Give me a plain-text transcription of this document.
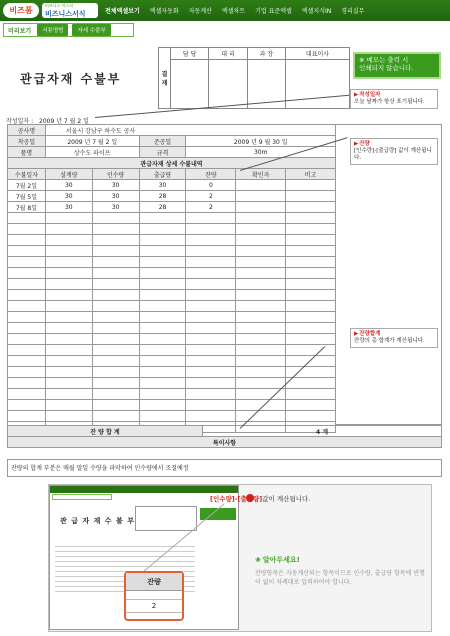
비즈폼
비즈니스 마스터
비즈니스서식	전체엑셀보기	엑셀자동화	자동계산	엑셀차트	기업 표준엑셀	엑셀지식IN	경리실무
미리보기	서류명범	자세 수붙부
관급자재 수불부	결재	담 당	대 리	과 장	대표이사

※ 메모는 출력 시
인쇄되지 않습니다.
작성일자 : 2009 년 7 월 2 일
공사명	서울시 강남구 하수도 공사					
착공일	2009 년 7 월 2 일		준공일	2009 년 9 월 30 일		
품명	상수도 파이프		규격	30m		
관급자재 상세 수불내역						
수불일자	설계량	인수량	출급량	잔량	확인자	비고
7월 2일	30	30	30	0		
7월 5일	30	30	28	2		
7월 8일	30	30	28	2		

잔 량 합 계	4 개
특이사항
잔량의 합계 부분은 매월 말일 수량을 파악하여 인수량에서 조절예정
▶ 작성일자
오늘 날짜가 항상 표기됩니다.
▶ 잔량
[인수량]-[출급량] 값이 계산됩니다.
▶ 잔량합계
잔량의 총 합계가 계산됩니다.
관 급 자 재 수 불 부
[인수량]-[출급량]값이 계산됩니다.
잔량
2
❀ 알아두세요!
잔량항목은 자동계산되는 항목이므로 인수량, 출급량 항목에 빈행이 없이 차례대로 입력하여야 합니다.
